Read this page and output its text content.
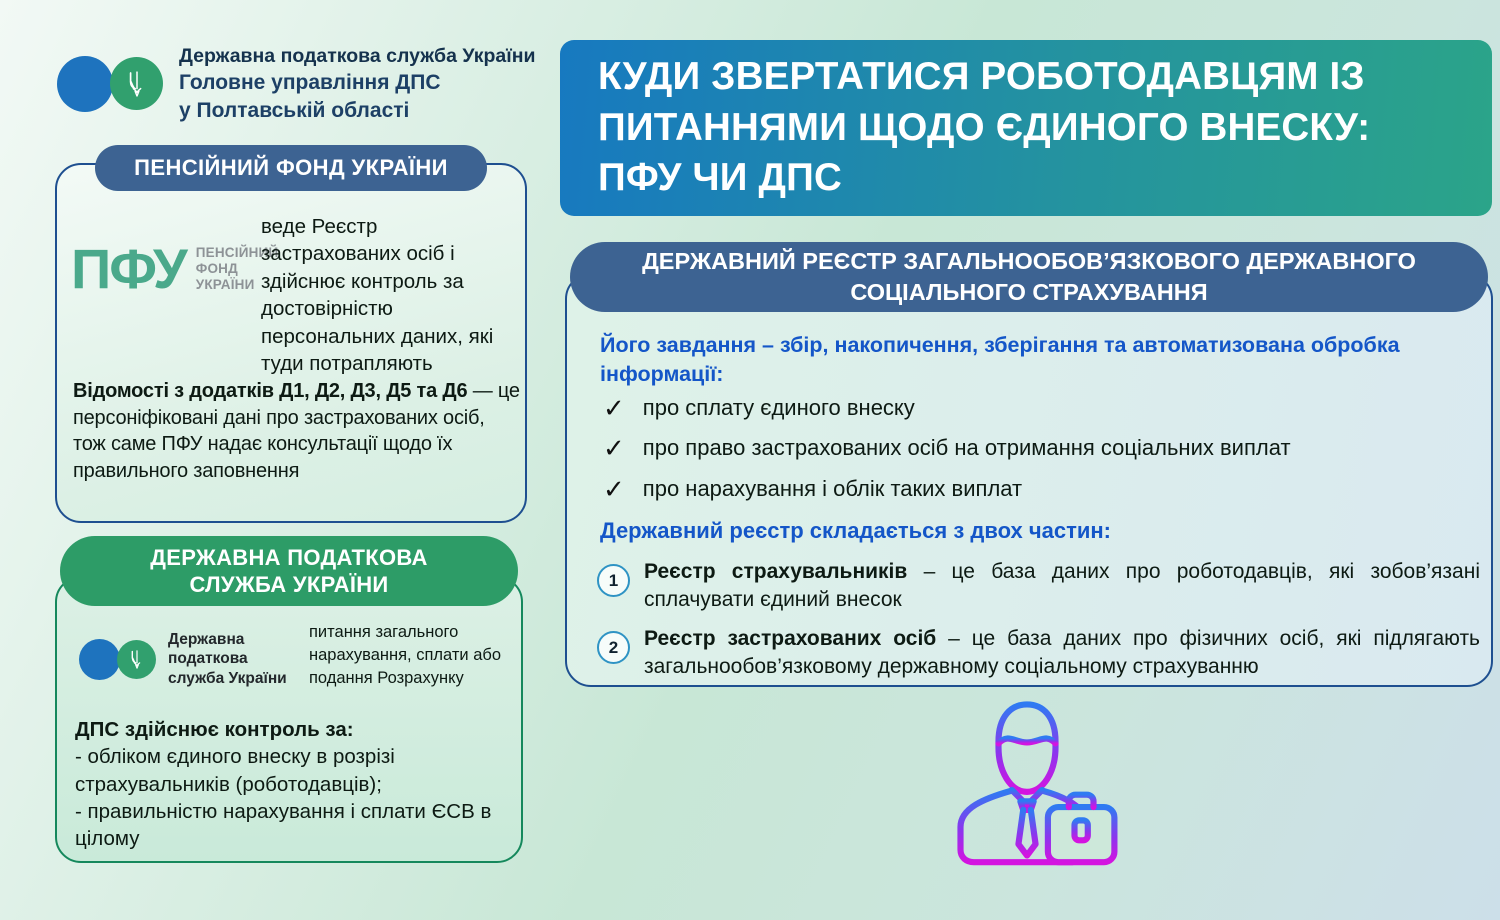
Державна податкова служба України
Головне управління ДПС
у Полтавській області
ПЕНСІЙНИЙ ФОНД УКРАЇНИ
ПФУ ПЕНСІЙНИЙ
ФОНД
УКРАЇНИ
веде Реєстр застрахованих осіб і здійснює контроль за достовірністю персональних даних, які туди потрапляють
Відомості з додатків Д1, Д2, Д3, Д5 та Д6 — це персоніфіковані дані про застрахованих осіб, тож саме ПФУ надає консультації щодо їх правильного заповнення
ДЕРЖАВНА ПОДАТКОВА СЛУЖБА УКРАЇНИ
Державна
податкова
служба України
питання загального нарахування, сплати або подання Розрахунку
ДПС здійснює контроль за:
- обліком єдиного внеску в розрізі страхувальників (роботодавців);
- правильністю нарахування і сплати ЄСВ в цілому
КУДИ ЗВЕРТАТИСЯ РОБОТОДАВЦЯМ ІЗ ПИТАННЯМИ ЩОДО ЄДИНОГО ВНЕСКУ: ПФУ ЧИ ДПС
ДЕРЖАВНИЙ РЕЄСТР ЗАГАЛЬНООБОВ’ЯЗКОВОГО ДЕРЖАВНОГО СОЦІАЛЬНОГО СТРАХУВАННЯ
Його завдання – збір, накопичення, зберігання та автоматизована обробка інформації:
✓ про сплату єдиного внеску
✓ про право застрахованих осіб на отримання соціальних виплат
✓ про нарахування і облік таких виплат
Державний реєстр складається з двох частин:
1	Реєстр страхувальників – це база даних про роботодавців, які зобов’язані сплачувати єдиний внесок
2	Реєстр застрахованих осіб – це база даних про фізичних осіб, які підлягають загальнообов’язковому державному соціальному страхуванню
